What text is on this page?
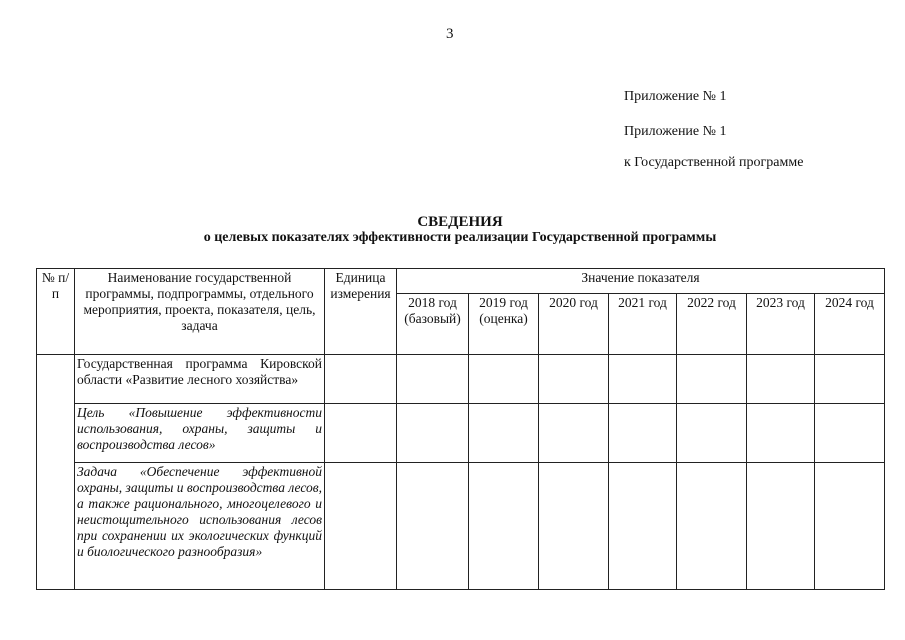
3
Приложение № 1
Приложение № 1
к Государственной программе
СВЕДЕНИЯ
о целевых показателях эффективности реализации Государственной программы
№ п/п	Наименование государственной программы, подпрограммы, отдельного мероприятия, проекта, показателя, цель, задача	Единица измерения	Значение показателя						
			2018 год (базовый)	2019 год (оценка)	2020 год	2021 год	2022 год	2023 год	2024 год
	Государственная программа Кировской области «Развитие лесного хозяйства»								
	Цель «Повышение эффективности использования, охраны, защиты и воспроизводства лесов»								
	Задача «Обеспечение эффективной охраны, защиты и воспроизводства лесов, а также рационального, многоцелевого и неистощительного использования лесов при сохранении их экологических функций и биологического разнообразия»								
